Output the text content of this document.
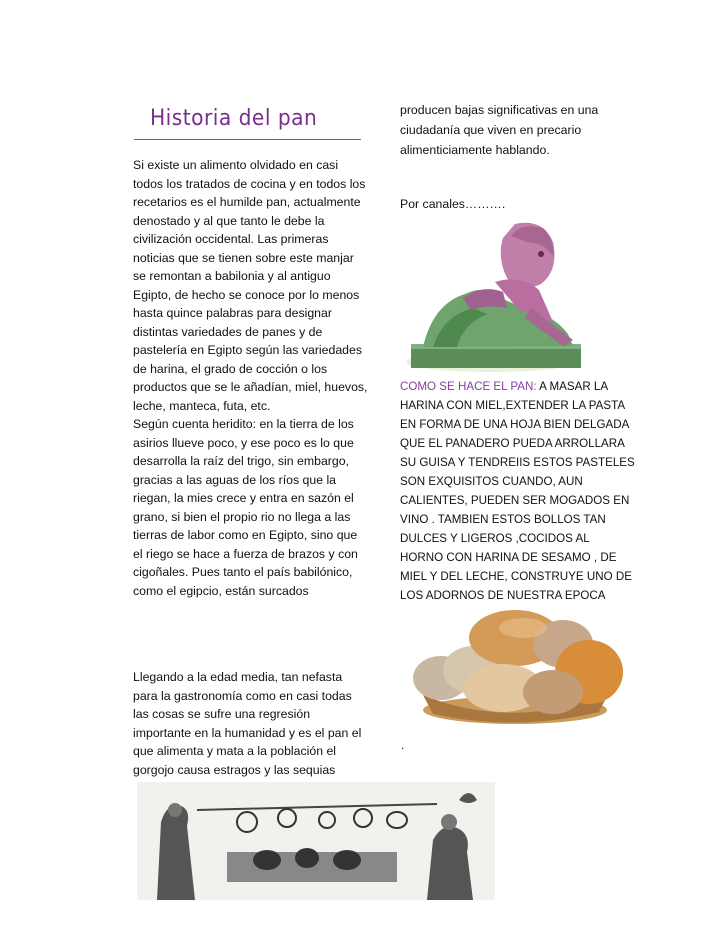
Historia del pan

Si existe un alimento olvidado en casi todos los tratados de cocina y en todos los recetarios es el humilde pan, actualmente denostado y al que tanto le debe la civilización occidental. Las primeras noticias que se tienen sobre este manjar se remontan a babilonia y al antiguo Egipto, de hecho se conoce por lo menos hasta quince palabras para designar distintas variedades de panes y de pastelería en Egipto según las variedades de harina, el grado de cocción o los productos que se le añadían, miel, huevos, leche, manteca, futa, etc.

Según cuenta heridito: en la tierra de los asirios llueve poco, y ese poco es lo que desarrolla la raíz del trigo, sin embargo, gracias a las aguas de los ríos que la riegan, la mies crece y entra en sazón el grano, si bien el propio rio no llega a las tierras de labor como en Egipto, sino que el riego se hace a fuerza de brazos y con cigoñales. Pues tanto el país babilónico, como el egipcio, están surcados

Llegando a la edad media, tan nefasta para la gastronomía como en casi todas las cosas se sufre una regresión importante en la humanidad y es el pan el que alimenta y mata a la población el gorgojo causa estragos y las sequias
producen bajas significativas en una ciudadanía que viven en precario alimenticiamente hablando.
Por canales……….
COMO SE HACE EL PAN: A MASAR LA HARINA CON MIEL,EXTENDER LA PASTA EN FORMA DE UNA HOJA BIEN DELGADA QUE EL PANADERO PUEDA ARROLLARA SU GUISA Y TENDREIIS ESTOS PASTELES SON EXQUISITOS CUANDO, AUN CALIENTES, PUEDEN SER MOGADOS EN VINO . TAMBIEN ESTOS BOLLOS TAN DULCES Y LIGEROS ,COCIDOS AL HORNO CON HARINA DE SESAMO , DE MIEL Y DEL LECHE, CONSTRUYE UNO DE LOS ADORNOS DE NUESTRA EPOCA
.
